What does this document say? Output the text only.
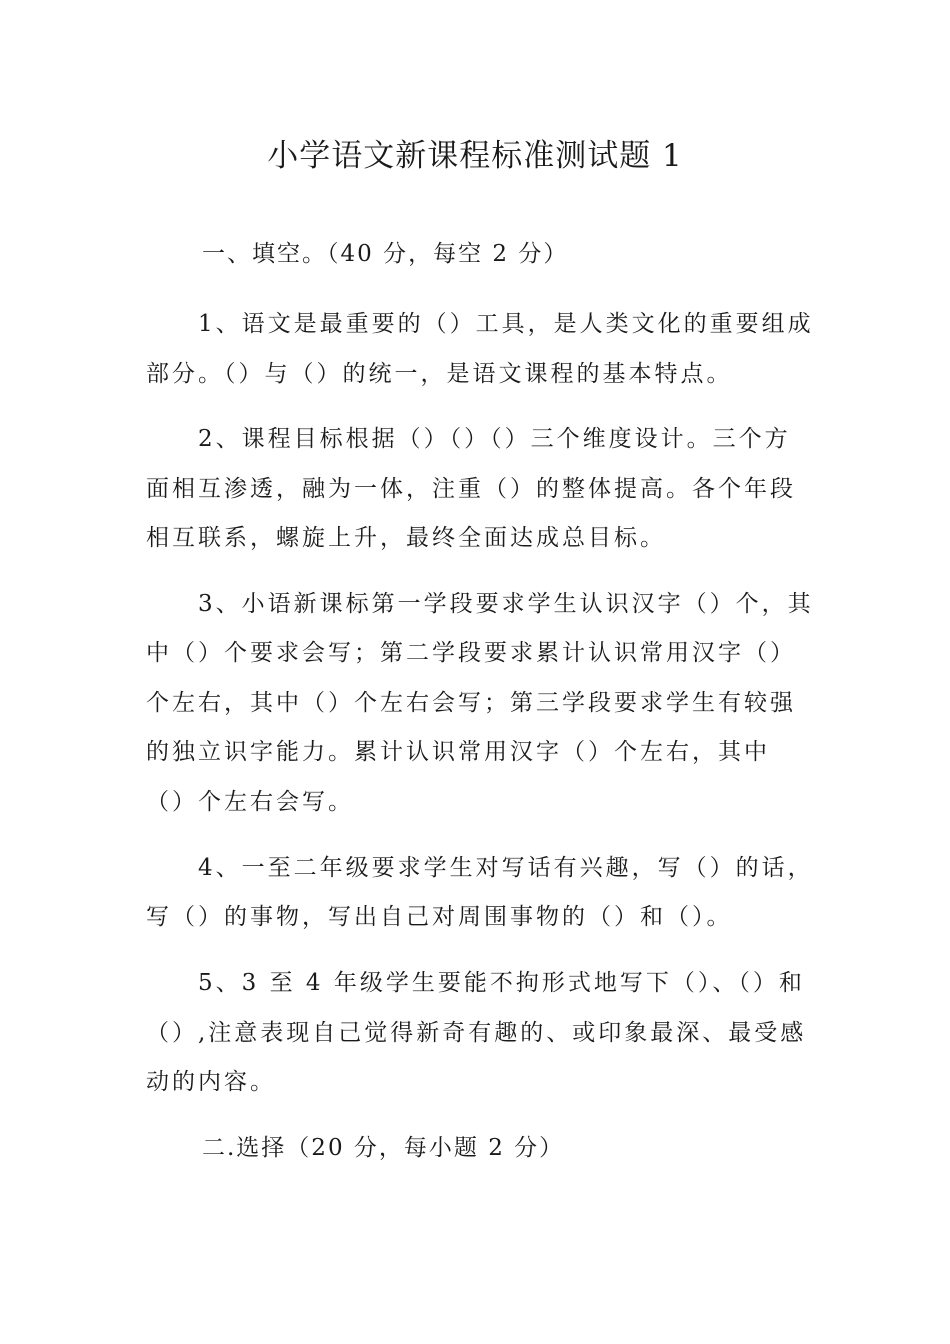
小学语文新课程标准测试题 1
一、填空。（40 分，每空 2 分）
1、语文是最重要的（）工具，是人类文化的重要组成
部分。（）与（）的统一，是语文课程的基本特点。
2、课程目标根据（）（）（）三个维度设计。三个方
面相互渗透，融为一体，注重（）的整体提高。各个年段
相互联系，螺旋上升，最终全面达成总目标。
3、小语新课标第一学段要求学生认识汉字（）个，其
中（）个要求会写；第二学段要求累计认识常用汉字（）
个左右，其中（）个左右会写；第三学段要求学生有较强
的独立识字能力。累计认识常用汉字（）个左右，其中
（）个左右会写。
4、一至二年级要求学生对写话有兴趣，写（）的话，
写（）的事物，写出自己对周围事物的（）和（）。
5、3 至 4 年级学生要能不拘形式地写下（）、（）和
（）,注意表现自己觉得新奇有趣的、或印象最深、最受感
动的内容。
二.选择（20 分，每小题 2 分）
